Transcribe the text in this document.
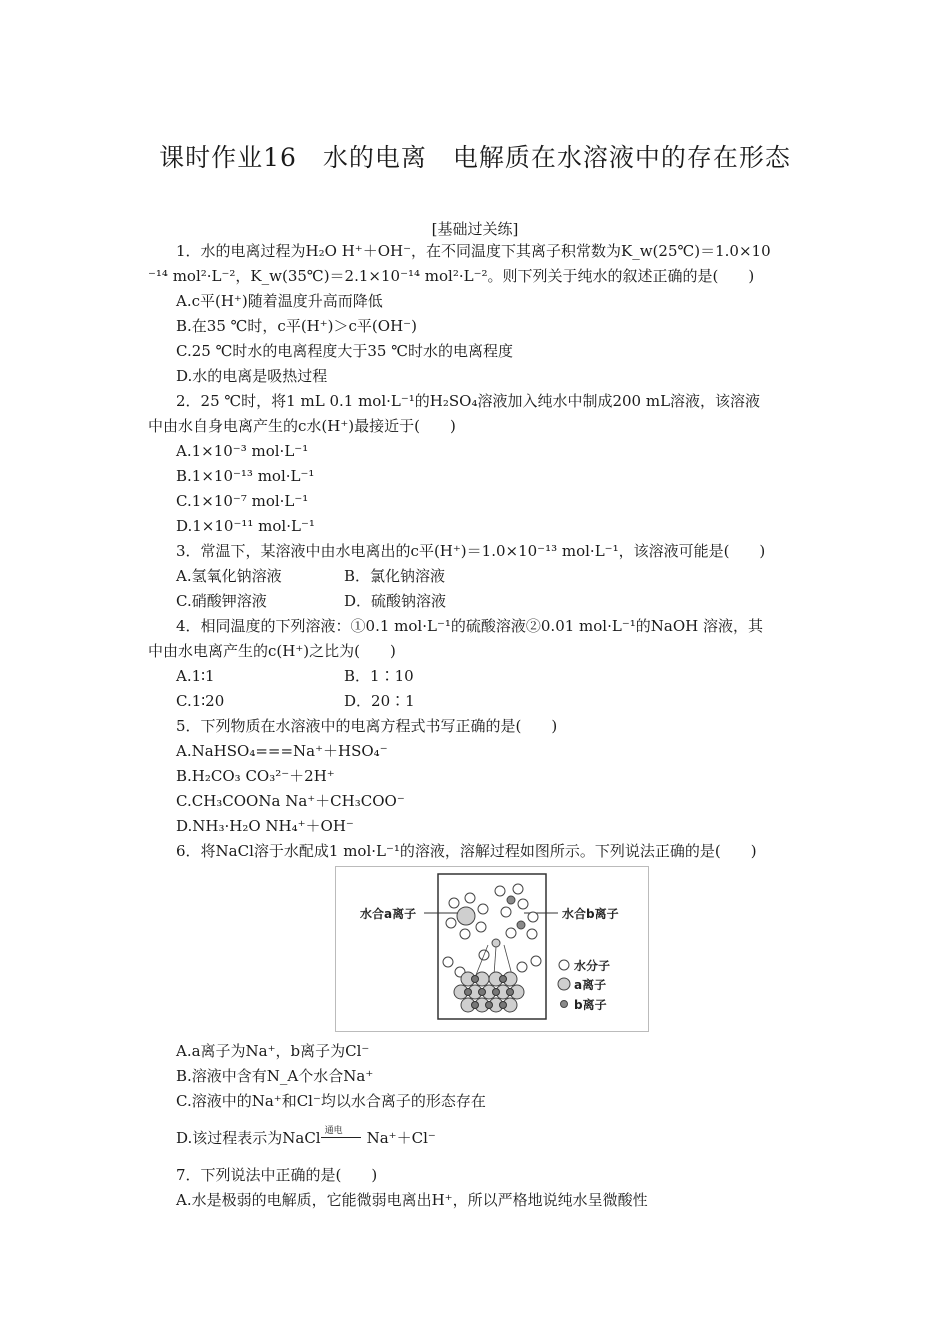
课时作业16　水的电离　电解质在水溶液中的存在形态
[基础过关练]
1．水的电离过程为H₂O H⁺＋OH⁻，在不同温度下其离子积常数为K_w(25℃)＝1.0×10
⁻¹⁴ mol²·L⁻²，K_w(35℃)＝2.1×10⁻¹⁴ mol²·L⁻²。则下列关于纯水的叙述正确的是(　　)
A.c平(H⁺)随着温度升高而降低
B.在35 ℃时，c平(H⁺)＞c平(OH⁻)
C.25 ℃时水的电离程度大于35 ℃时水的电离程度
D.水的电离是吸热过程
2．25 ℃时，将1 mL 0.1 mol·L⁻¹的H₂SO₄溶液加入纯水中制成200 mL溶液，该溶液
中由水自身电离产生的c水(H⁺)最接近于(　　)
A.1×10⁻³ mol·L⁻¹
B.1×10⁻¹³ mol·L⁻¹
C.1×10⁻⁷ mol·L⁻¹
D.1×10⁻¹¹ mol·L⁻¹
3．常温下，某溶液中由水电离出的c平(H⁺)＝1.0×10⁻¹³ mol·L⁻¹，该溶液可能是(　　)
A.氢氧化钠溶液	B．氯化钠溶液
C.硝酸钾溶液	D．硫酸钠溶液
4．相同温度的下列溶液：①0.1 mol·L⁻¹的硫酸溶液②0.01 mol·L⁻¹的NaOH 溶液，其
中由水电离产生的c(H⁺)之比为(　　)
A.1∶1	B．1∶10
C.1∶20	D．20∶1
5．下列物质在水溶液中的电离方程式书写正确的是(　　)
A.NaHSO₄===Na⁺＋HSO₄⁻
B.H₂CO₃ CO₃²⁻＋2H⁺
C.CH₃COONa Na⁺＋CH₃COO⁻
D.NH₃·H₂O NH₄⁺＋OH⁻
6．将NaCl溶于水配成1 mol·L⁻¹的溶液，溶解过程如图所示。下列说法正确的是(　　)
水合a离子	水合b离子
水分子
a离子
b离子
A.a离子为Na⁺，b离子为Cl⁻
B.溶液中含有N_A个水合Na⁺
C.溶液中的Na⁺和Cl⁻均以水合离子的形态存在
D.该过程表示为NaCl 通电 Na⁺＋Cl⁻
7．下列说法中正确的是(　　)
A.水是极弱的电解质，它能微弱电离出H⁺，所以严格地说纯水呈微酸性
